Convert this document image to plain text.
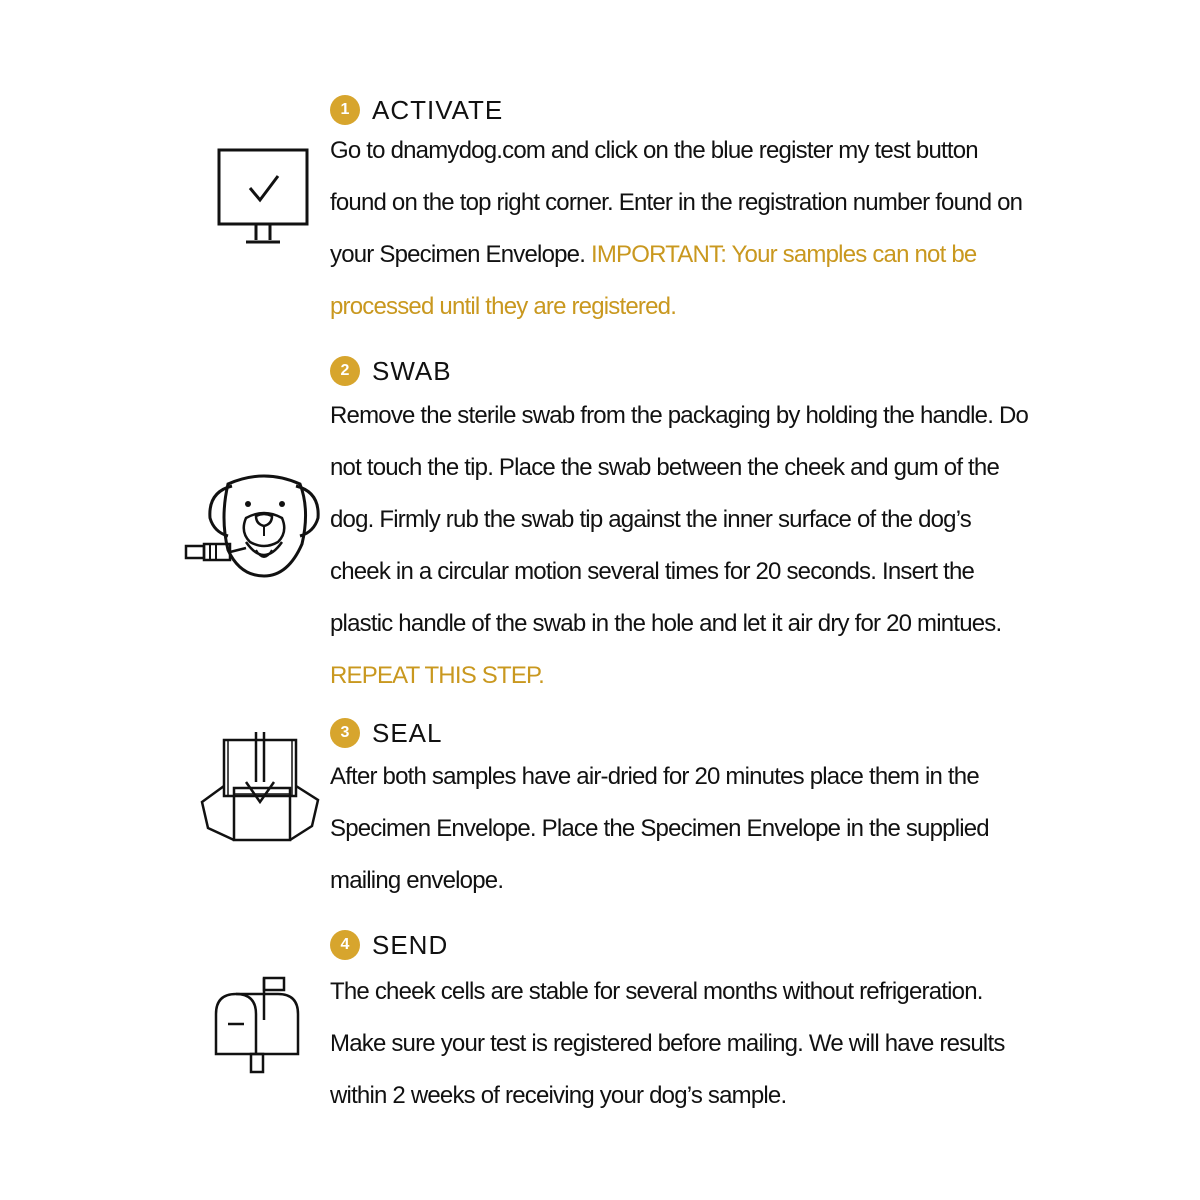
1 ACTIVATE
Go to dnamydog.com and click on the blue register my test button found on the top right corner. Enter in the registration number found on your Specimen Envelope. IMPORTANT: Your samples can not be processed until they are registered.
2 SWAB
Remove the sterile swab from the packaging by holding the handle. Do not touch the tip. Place the swab between the cheek and gum of the dog. Firmly rub the swab tip against the inner surface of the dog’s cheek in a circular motion several times for 20 seconds. Insert the plastic handle of the swab in the hole and let it air dry for 20 mintues. REPEAT THIS STEP.
3 SEAL
After both samples have air-dried for 20 minutes place them in the Specimen Envelope. Place the Specimen Envelope in the supplied mailing envelope.
4 SEND
The cheek cells are stable for several months without refrigeration. Make sure your test is registered before mailing. We will have results within 2 weeks of receiving your dog’s sample.
